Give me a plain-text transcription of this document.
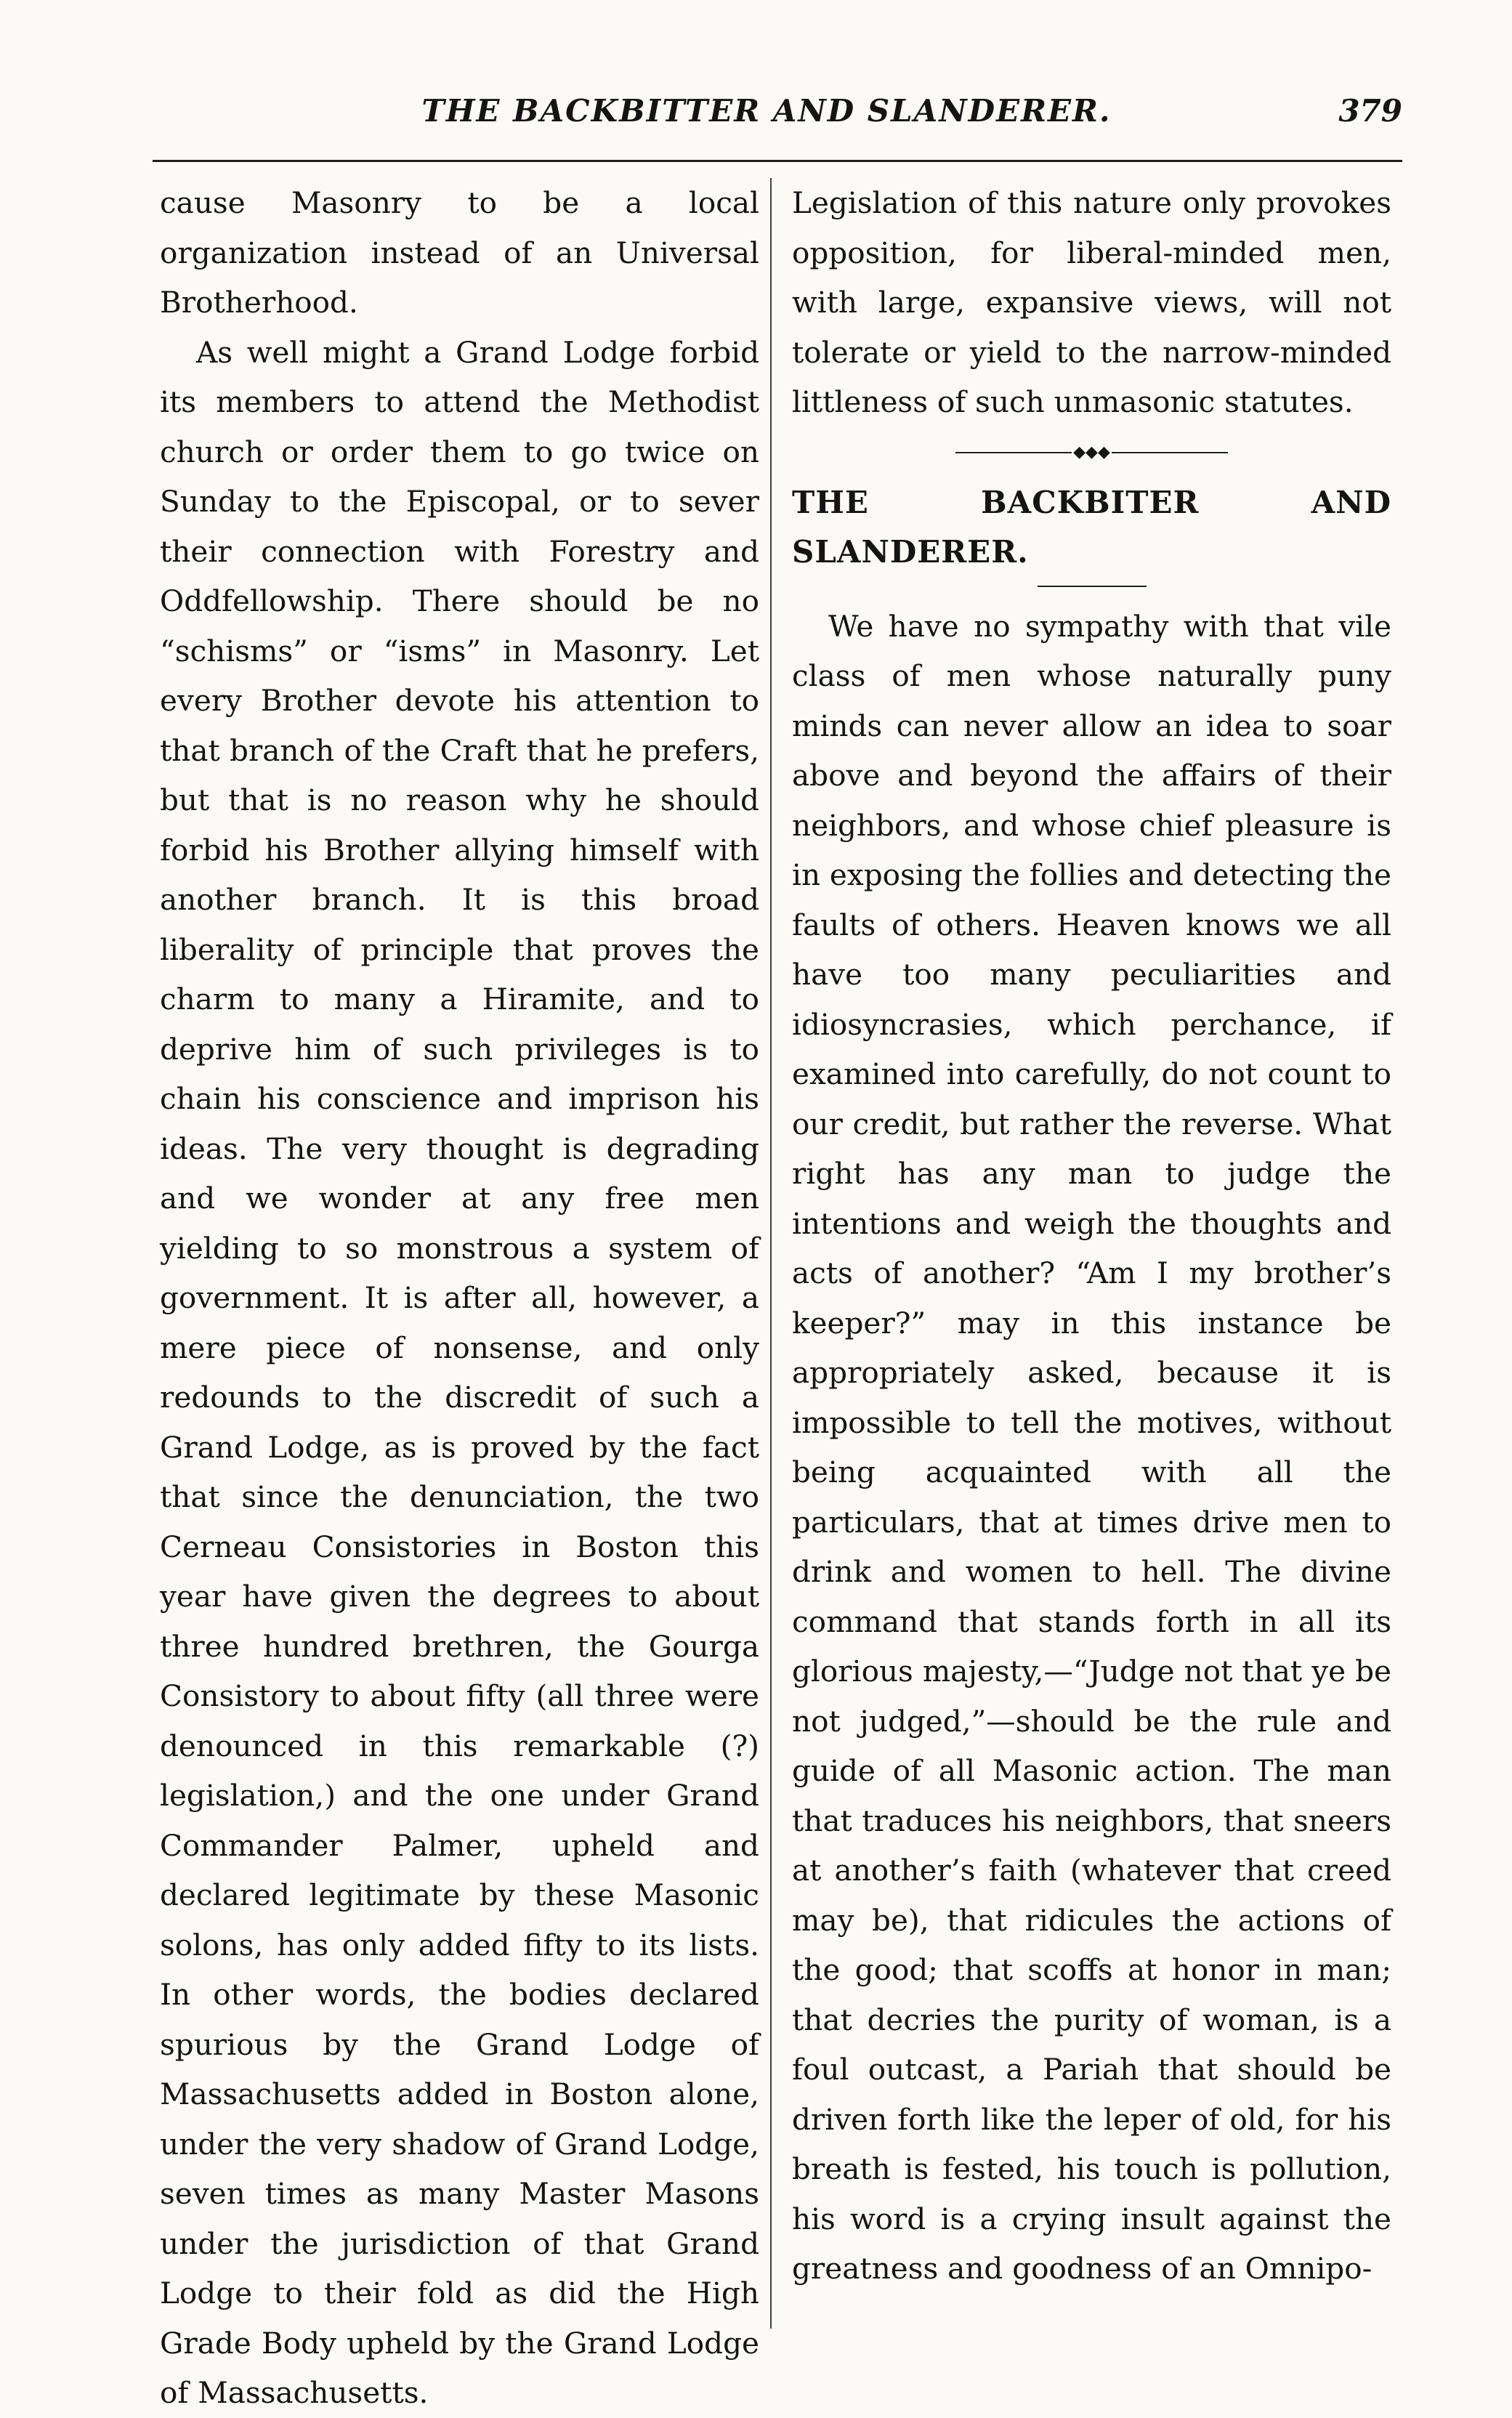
THE BACKBITTER AND SLANDERER.	379

cause Masonry to be a local organization instead of an Universal Brotherhood.

As well might a Grand Lodge forbid its members to attend the Methodist church or order them to go twice on Sunday to the Episcopal, or to sever their connection with Forestry and Oddfellowship. There should be no “schisms” or “isms” in Masonry. Let every Brother devote his attention to that branch of the Craft that he prefers, but that is no reason why he should forbid his Brother allying himself with another branch. It is this broad liberality of principle that proves the charm to many a Hiramite, and to deprive him of such privileges is to chain his conscience and imprison his ideas. The very thought is degrading and we wonder at any free men yielding to so monstrous a system of government. It is after all, however, a mere piece of nonsense, and only redounds to the discredit of such a Grand Lodge, as is proved by the fact that since the denunciation, the two Cerneau Consistories in Boston this year have given the degrees to about three hundred brethren, the Gourga Consistory to about fifty (all three were denounced in this remarkable (?) legislation,) and the one under Grand Commander Palmer, upheld and declared legitimate by these Masonic solons, has only added fifty to its lists. In other words, the bodies declared spurious by the Grand Lodge of Massachusetts added in Boston alone, under the very shadow of Grand Lodge, seven times as many Master Masons under the jurisdiction of that Grand Lodge to their fold as did the High Grade Body upheld by the Grand Lodge of Massachusetts.

Legislation of this nature only provokes opposition, for liberal-minded men, with large, expansive views, will not tolerate or yield to the narrow-minded littleness of such unmasonic statutes.

◆◆◆

THE BACKBITER AND SLANDERER.

We have no sympathy with that vile class of men whose naturally puny minds can never allow an idea to soar above and beyond the affairs of their neighbors, and whose chief pleasure is in exposing the follies and detecting the faults of others. Heaven knows we all have too many peculiarities and idiosyncrasies, which perchance, if examined into carefully, do not count to our credit, but rather the reverse. What right has any man to judge the intentions and weigh the thoughts and acts of another? “Am I my brother’s keeper?” may in this instance be appropriately asked, because it is impossible to tell the motives, without being acquainted with all the particulars, that at times drive men to drink and women to hell. The divine command that stands forth in all its glorious majesty,—“Judge not that ye be not judged,”—should be the rule and guide of all Masonic action. The man that traduces his neighbors, that sneers at another’s faith (whatever that creed may be), that ridicules the actions of the good; that scoffs at honor in man; that decries the purity of woman, is a foul outcast, a Pariah that should be driven forth like the leper of old, for his breath is fested, his touch is pollution, his word is a crying insult against the greatness and goodness of an Omnipo-
